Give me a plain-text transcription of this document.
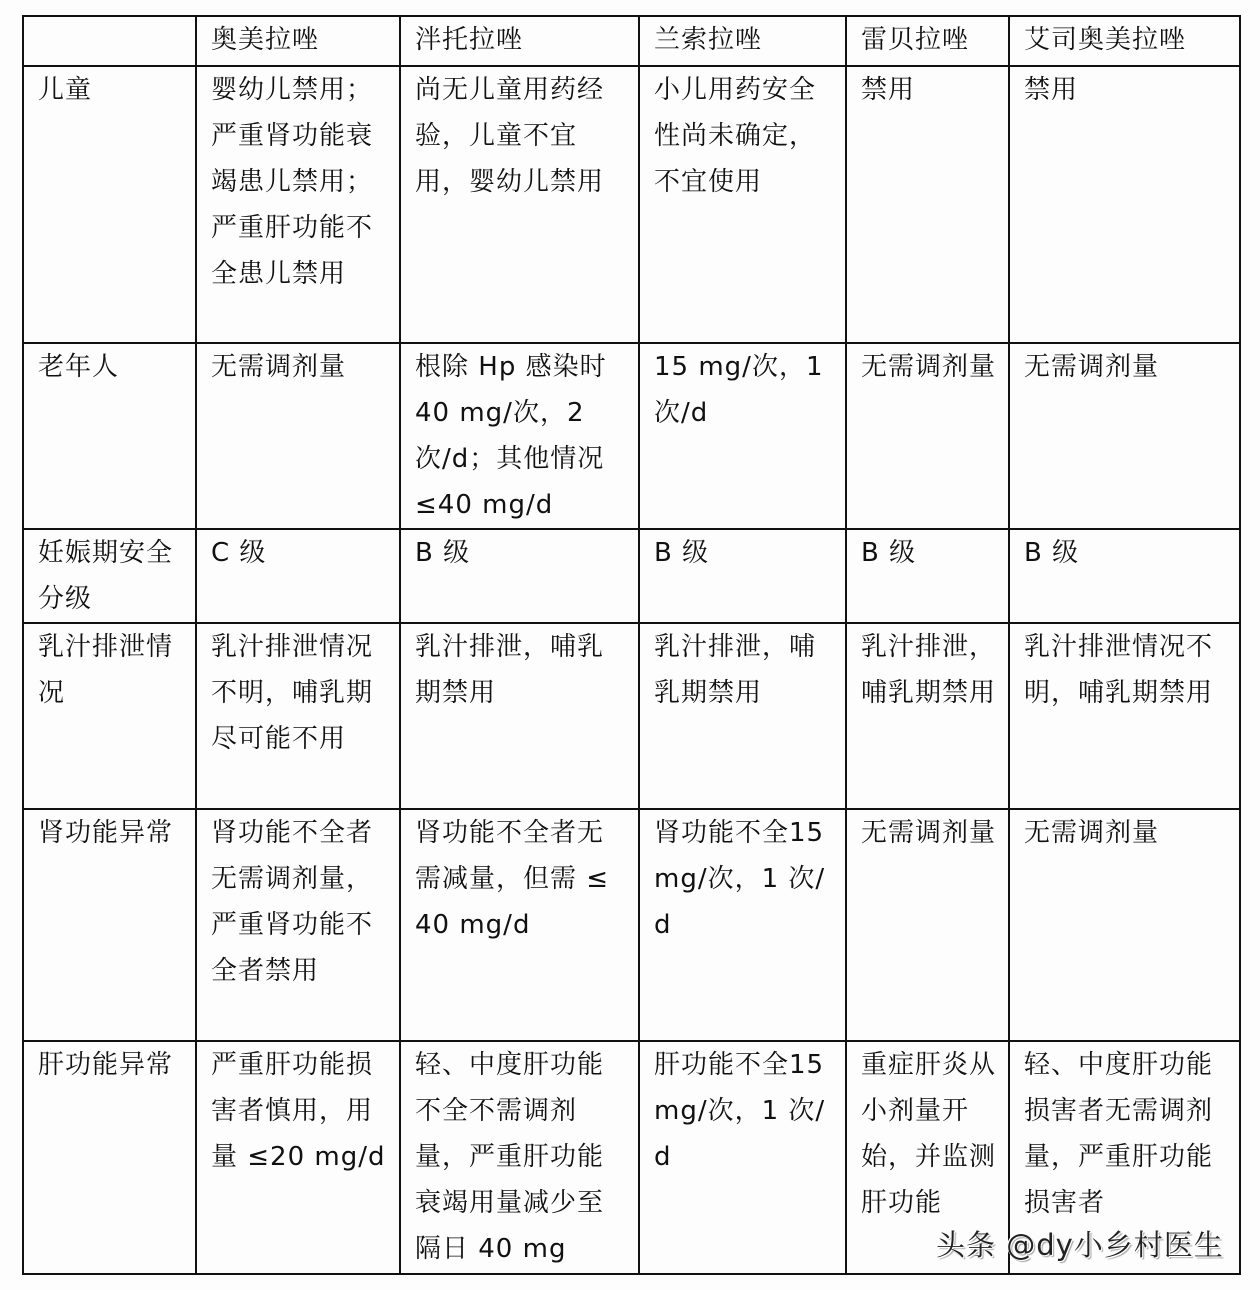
	奥美拉唑	泮托拉唑	兰索拉唑	雷贝拉唑	艾司奥美拉唑
儿童	婴幼儿禁用；严重肾功能衰竭患儿禁用；严重肝功能不全患儿禁用	尚无儿童用药经验，儿童不宜用，婴幼儿禁用	小儿用药安全性尚未确定，不宜使用	禁用	禁用
老年人	无需调剂量	根除 Hp 感染时 40 mg/次，2 次/d；其他情况 ≤40 mg/d	15 mg/次，1 次/d	无需调剂量	无需调剂量
妊娠期安全分级	C 级	B 级	B 级	B 级	B 级
乳汁排泄情况	乳汁排泄情况不明，哺乳期尽可能不用	乳汁排泄，哺乳期禁用	乳汁排泄，哺乳期禁用	乳汁排泄，哺乳期禁用	乳汁排泄情况不明，哺乳期禁用
肾功能异常	肾功能不全者无需调剂量，严重肾功能不全者禁用	肾功能不全者无需减量，但需 ≤ 40 mg/d	肾功能不全15 mg/次，1 次/d	无需调剂量	无需调剂量
肝功能异常	严重肝功能损害者慎用，用量 ≤20 mg/d	轻、中度肝功能不全不需调剂量，严重肝功能衰竭用量减少至隔日 40 mg	肝功能不全15 mg/次，1 次/d	重症肝炎从小剂量开始，并监测肝功能	轻、中度肝功能损害者无需调剂量，严重肝功能损害者
头条 @dy小乡村医生
